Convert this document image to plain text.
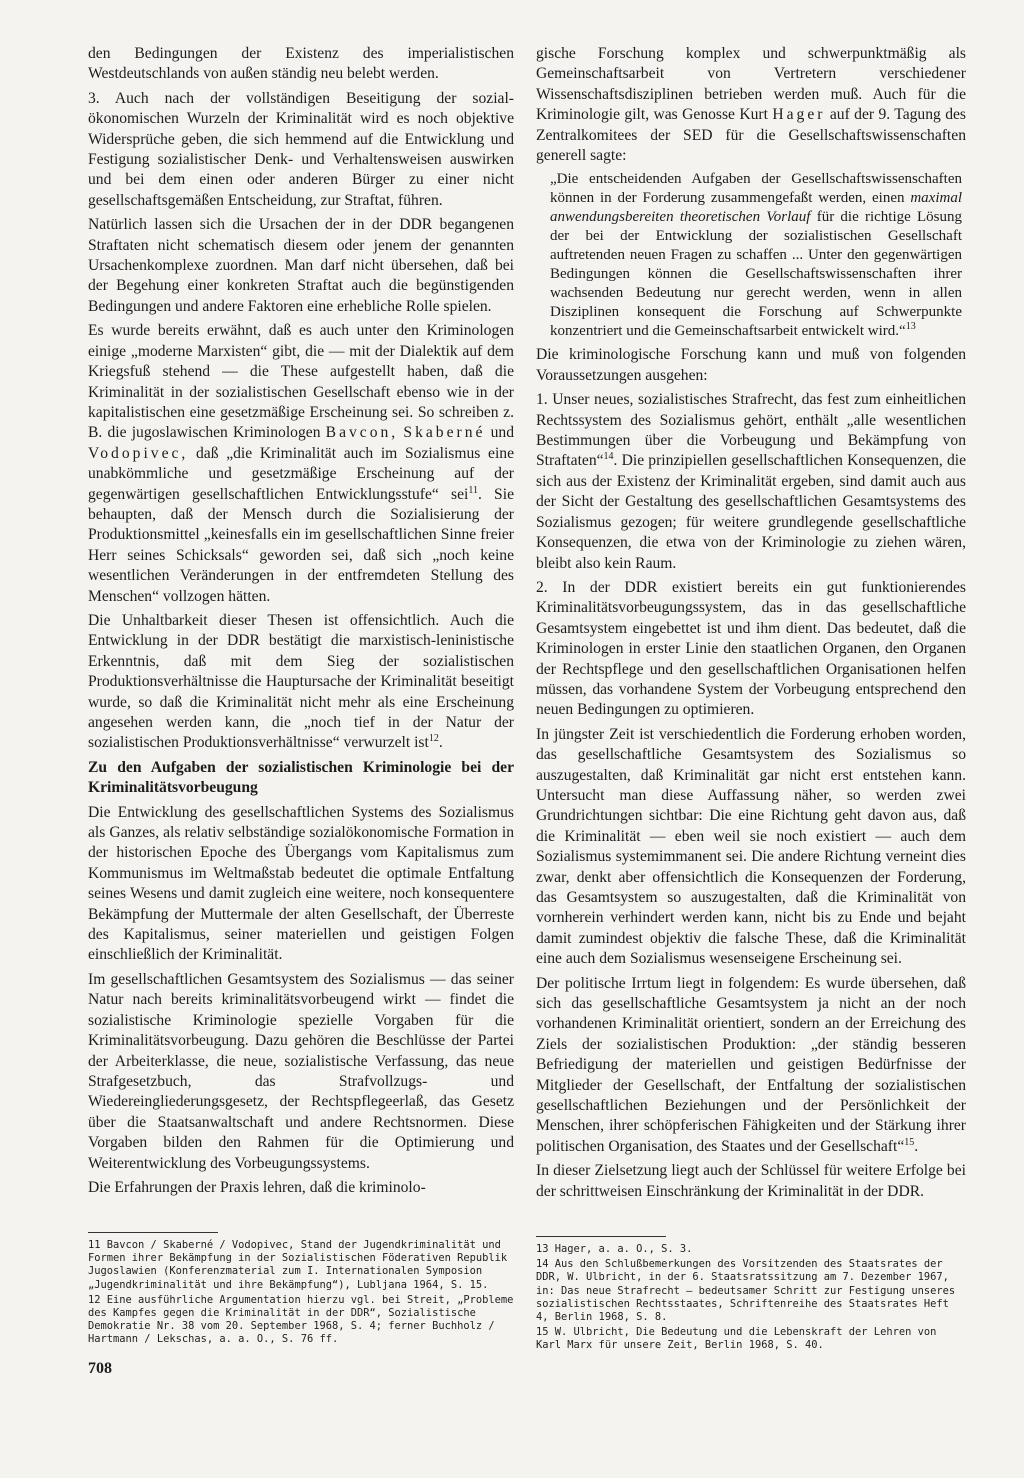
den Bedingungen der Existenz des imperialistischen Westdeutschlands von außen ständig neu belebt werden.

3. Auch nach der vollständigen Beseitigung der sozial-ökonomischen Wurzeln der Kriminalität wird es noch objektive Widersprüche geben, die sich hemmend auf die Entwicklung und Festigung sozialistischer Denk- und Verhaltensweisen auswirken und bei dem einen oder anderen Bürger zu einer nicht gesellschaftsgemäßen Entscheidung, zur Straftat, führen.

Natürlich lassen sich die Ursachen der in der DDR begangenen Straftaten nicht schematisch diesem oder jenem der genannten Ursachenkomplexe zuordnen. Man darf nicht übersehen, daß bei der Begehung einer konkreten Straftat auch die begünstigenden Bedingungen und andere Faktoren eine erhebliche Rolle spielen.

Es wurde bereits erwähnt, daß es auch unter den Kriminologen einige „moderne Marxisten“ gibt, die — mit der Dialektik auf dem Kriegsfuß stehend — die These aufgestellt haben, daß die Kriminalität in der sozialistischen Gesellschaft ebenso wie in der kapitalistischen eine gesetzmäßige Erscheinung sei. So schreiben z. B. die jugoslawischen Kriminologen Bavcon, Skaberné und Vodopivec, daß „die Kriminalität auch im Sozialismus eine unabkömmliche und gesetzmäßige Erscheinung auf der gegenwärtigen gesellschaftlichen Entwicklungsstufe“ sei$^{11}$. Sie behaupten, daß der Mensch durch die Sozialisierung der Produktionsmittel „keinesfalls ein im gesellschaftlichen Sinne freier Herr seines Schicksals“ geworden sei, daß sich „noch keine wesentlichen Veränderungen in der entfremdeten Stellung des Menschen“ vollzogen hätten.

Die Unhaltbarkeit dieser Thesen ist offensichtlich. Auch die Entwicklung in der DDR bestätigt die marxistisch-leninistische Erkenntnis, daß mit dem Sieg der sozialistischen Produktionsverhältnisse die Hauptursache der Kriminalität beseitigt wurde, so daß die Kriminalität nicht mehr als eine Erscheinung angesehen werden kann, die „noch tief in der Natur der sozialistischen Produktionsverhältnisse“ verwurzelt ist$^{12}$.

Zu den Aufgaben der sozialistischen Kriminologie bei der Kriminalitätsvorbeugung

Die Entwicklung des gesellschaftlichen Systems des Sozialismus als Ganzes, als relativ selbständige sozialökonomische Formation in der historischen Epoche des Übergangs vom Kapitalismus zum Kommunismus im Weltmaßstab bedeutet die optimale Entfaltung seines Wesens und damit zugleich eine weitere, noch konsequentere Bekämpfung der Muttermale der alten Gesellschaft, der Überreste des Kapitalismus, seiner materiellen und geistigen Folgen einschließlich der Kriminalität.

Im gesellschaftlichen Gesamtsystem des Sozialismus — das seiner Natur nach bereits kriminalitätsvorbeugend wirkt — findet die sozialistische Kriminologie spezielle Vorgaben für die Kriminalitätsvorbeugung. Dazu gehören die Beschlüsse der Partei der Arbeiterklasse, die neue, sozialistische Verfassung, das neue Strafgesetzbuch, das Strafvollzugs- und Wiedereingliederungsgesetz, der Rechtspflegeerlaß, das Gesetz über die Staatsanwaltschaft und andere Rechtsnormen. Diese Vorgaben bilden den Rahmen für die Optimierung und Weiterentwicklung des Vorbeugungssystems.

Die Erfahrungen der Praxis lehren, daß die kriminolo-

gische Forschung komplex und schwerpunktmäßig als Gemeinschaftsarbeit von Vertretern verschiedener Wissenschaftsdisziplinen betrieben werden muß. Auch für die Kriminologie gilt, was Genosse Kurt Hager auf der 9. Tagung des Zentralkomitees der SED für die Gesellschaftswissenschaften generell sagte:

„Die entscheidenden Aufgaben der Gesellschaftswissenschaften können in der Forderung zusammengefaßt werden, einen maximal anwendungsbereiten theoretischen Vorlauf für die richtige Lösung der bei der Entwicklung der sozialistischen Gesellschaft auftretenden neuen Fragen zu schaffen ... Unter den gegenwärtigen Bedingungen können die Gesellschaftswissenschaften ihrer wachsenden Bedeutung nur gerecht werden, wenn in allen Disziplinen konsequent die Forschung auf Schwerpunkte konzentriert und die Gemeinschaftsarbeit entwickelt wird.“$^{13}$

Die kriminologische Forschung kann und muß von folgenden Voraussetzungen ausgehen:

1. Unser neues, sozialistisches Strafrecht, das fest zum einheitlichen Rechtssystem des Sozialismus gehört, enthält „alle wesentlichen Bestimmungen über die Vorbeugung und Bekämpfung von Straftaten“$^{14}$. Die prinzipiellen gesellschaftlichen Konsequenzen, die sich aus der Existenz der Kriminalität ergeben, sind damit auch aus der Sicht der Gestaltung des gesellschaftlichen Gesamtsystems des Sozialismus gezogen; für weitere grundlegende gesellschaftliche Konsequenzen, die etwa von der Kriminologie zu ziehen wären, bleibt also kein Raum.

2. In der DDR existiert bereits ein gut funktionierendes Kriminalitätsvorbeugungssystem, das in das gesellschaftliche Gesamtsystem eingebettet ist und ihm dient. Das bedeutet, daß die Kriminologen in erster Linie den staatlichen Organen, den Organen der Rechtspflege und den gesellschaftlichen Organisationen helfen müssen, das vorhandene System der Vorbeugung entsprechend den neuen Bedingungen zu optimieren.

In jüngster Zeit ist verschiedentlich die Forderung erhoben worden, das gesellschaftliche Gesamtsystem des Sozialismus so auszugestalten, daß Kriminalität gar nicht erst entstehen kann. Untersucht man diese Auffassung näher, so werden zwei Grundrichtungen sichtbar: Die eine Richtung geht davon aus, daß die Kriminalität — eben weil sie noch existiert — auch dem Sozialismus systemimmanent sei. Die andere Richtung verneint dies zwar, denkt aber offensichtlich die Konsequenzen der Forderung, das Gesamtsystem so auszugestalten, daß die Kriminalität von vornherein verhindert werden kann, nicht bis zu Ende und bejaht damit zumindest objektiv die falsche These, daß die Kriminalität eine auch dem Sozialismus wesenseigene Erscheinung sei.

Der politische Irrtum liegt in folgendem: Es wurde übersehen, daß sich das gesellschaftliche Gesamtsystem ja nicht an der noch vorhandenen Kriminalität orientiert, sondern an der Erreichung des Ziels der sozialistischen Produktion: „der ständig besseren Befriedigung der materiellen und geistigen Bedürfnisse der Mitglieder der Gesellschaft, der Entfaltung der sozialistischen gesellschaftlichen Beziehungen und der Persönlichkeit der Menschen, ihrer schöpferischen Fähigkeiten und der Stärkung ihrer politischen Organisation, des Staates und der Gesellschaft“$^{15}$.

In dieser Zielsetzung liegt auch der Schlüssel für weitere Erfolge bei der schrittweisen Einschränkung der Kriminalität in der DDR.

11 Bavcon / Skaberné / Vodopivec, Stand der Jugendkriminalität und Formen ihrer Bekämpfung in der Sozialistischen Föderativen Republik Jugoslawien (Konferenzmaterial zum I. Internationalen Symposion „Jugendkriminalität und ihre Bekämpfung“), Lubljana 1964, S. 15.

12 Eine ausführliche Argumentation hierzu vgl. bei Streit, „Probleme des Kampfes gegen die Kriminalität in der DDR“, Sozialistische Demokratie Nr. 38 vom 20. September 1968, S. 4; ferner Buchholz / Hartmann / Lekschas, a. a. O., S. 76 ff.

13 Hager, a. a. O., S. 3.

14 Aus den Schlußbemerkungen des Vorsitzenden des Staatsrates der DDR, W. Ulbricht, in der 6. Staatsratssitzung am 7. Dezember 1967, in: Das neue Strafrecht — bedeutsamer Schritt zur Festigung unseres sozialistischen Rechtsstaates, Schriftenreihe des Staatsrates Heft 4, Berlin 1968, S. 8.

15 W. Ulbricht, Die Bedeutung und die Lebenskraft der Lehren von Karl Marx für unsere Zeit, Berlin 1968, S. 40.

708
